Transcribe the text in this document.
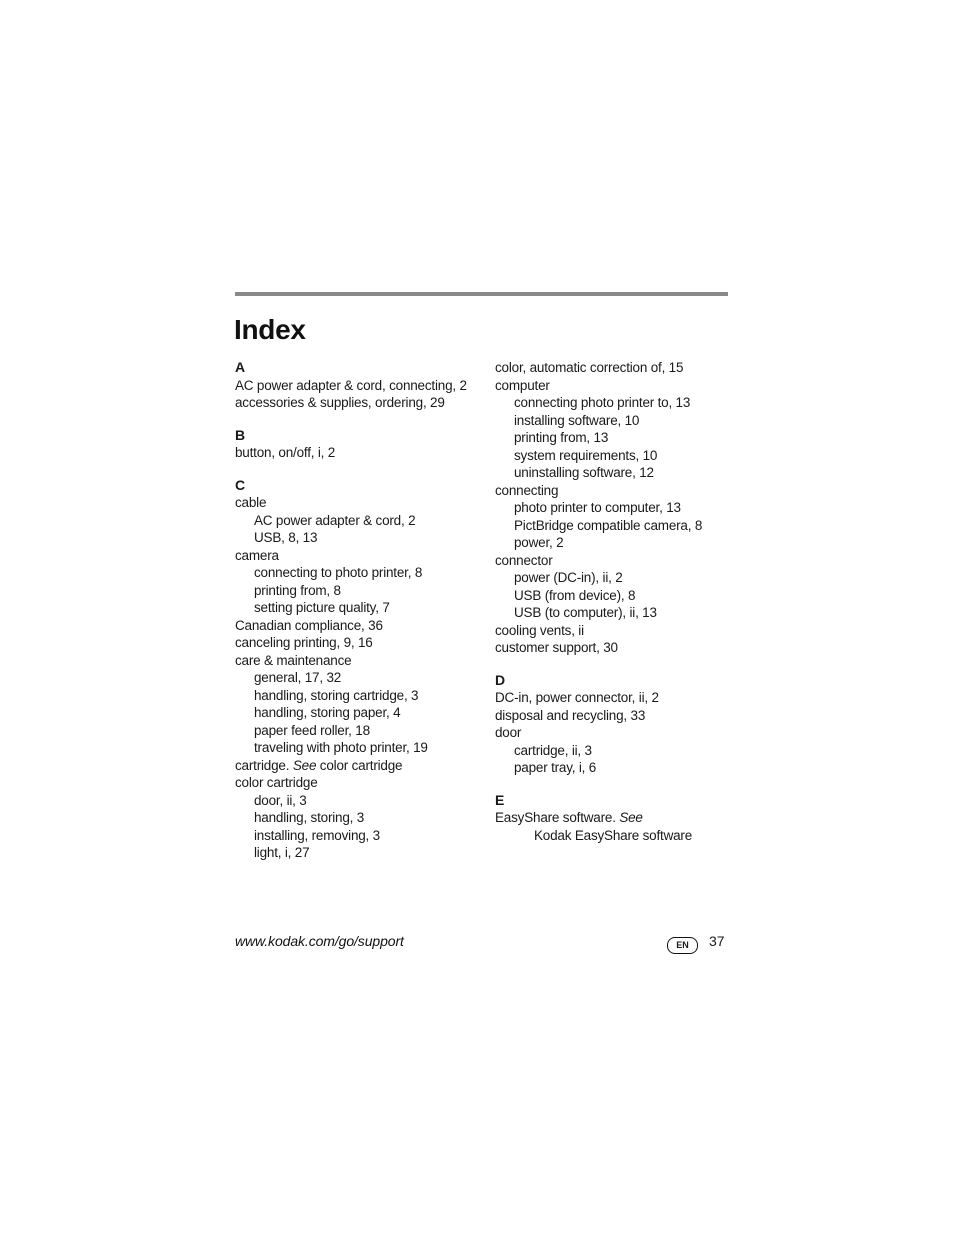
Index
A
AC power adapter & cord, connecting, 2
accessories & supplies, ordering, 29
B
button, on/off, i, 2
C
cable
AC power adapter & cord, 2
USB, 8, 13
camera
connecting to photo printer, 8
printing from, 8
setting picture quality, 7
Canadian compliance, 36
canceling printing, 9, 16
care & maintenance
general, 17, 32
handling, storing cartridge, 3
handling, storing paper, 4
paper feed roller, 18
traveling with photo printer, 19
cartridge. See color cartridge
color cartridge
door, ii, 3
handling, storing, 3
installing, removing, 3
light, i, 27
color, automatic correction of, 15
computer
connecting photo printer to, 13
installing software, 10
printing from, 13
system requirements, 10
uninstalling software, 12
connecting
photo printer to computer, 13
PictBridge compatible camera, 8
power, 2
connector
power (DC-in), ii, 2
USB (from device), 8
USB (to computer), ii, 13
cooling vents, ii
customer support, 30
D
DC-in, power connector, ii, 2
disposal and recycling, 33
door
cartridge, ii, 3
paper tray, i, 6
E
EasyShare software. See
Kodak EasyShare software
www.kodak.com/go/support	EN	37
